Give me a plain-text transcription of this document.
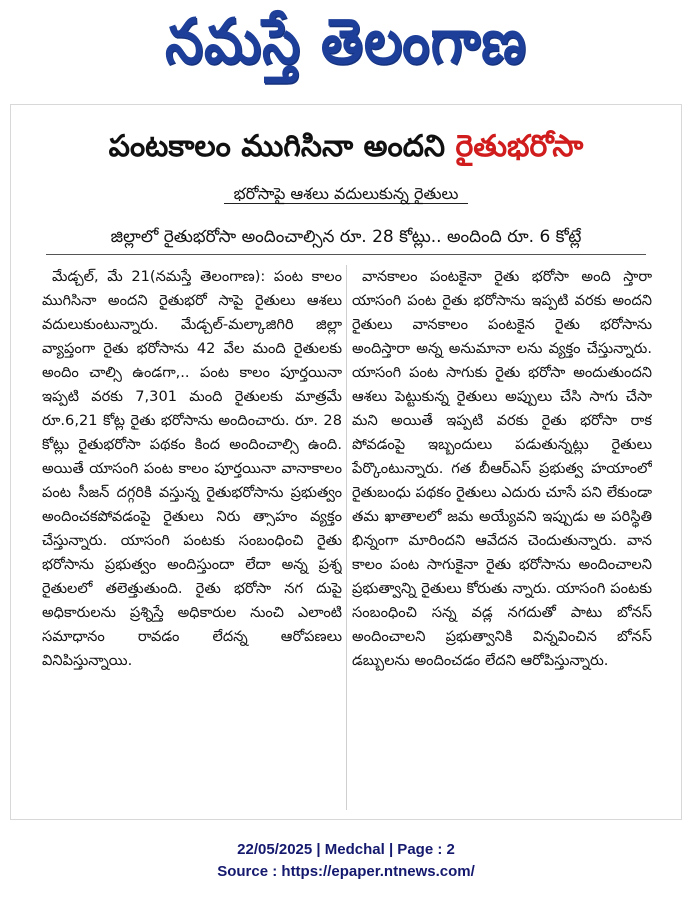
నమస్తే తెలంగాణ
పంటకాలం ముగిసినా అందని రైతుభరోసా
భరోసాపై ఆశలు వదులుకున్న రైతులు
జిల్లాలో రైతుభరోసా అందించాల్సిన రూ. 28 కోట్లు.. అందింది రూ. 6 కోట్లే

మేడ్చల్, మే 21(నమస్తే తెలంగాణ): పంట కాలం ముగిసినా అందని రైతుభరో సాపై రైతులు ఆశలు వదులుకుంటున్నారు. మేడ్చల్-మల్కాజిగిరి జిల్లా వ్యాప్తంగా రైతు భరోసాను 42 వేల మంది రైతులకు అందిం చాల్సి ఉండగా,.. పంట కాలం పూర్తయినా ఇప్పటి వరకు 7,301 మంది రైతులకు మాత్రమే రూ.6,21 కోట్ల రైతు భరోసాను అందించారు. రూ. 28 కోట్లు రైతుభరోసా పథకం కింద అందించాల్సి ఉంది. అయితే యాసంగి పంట కాలం పూర్తయినా వానాకాలం పంట సీజన్ దగ్గరికి వస్తున్న రైతుభరోసాను ప్రభుత్వం అందించకపోవడంపై రైతులు నిరు త్సాహం వ్యక్తం చేస్తున్నారు. యాసంగి పంటకు సంబంధించి రైతు భరోసాను ప్రభుత్వం అందిస్తుందా లేదా అన్న ప్రశ్న రైతులలో తలెత్తుతుంది. రైతు భరోసా నగ దుపై అధికారులను ప్రశ్నిస్తే అధికారుల నుంచి ఎలాంటి సమాధానం రావడం లేదన్న ఆరోపణలు వినిపిస్తున్నాయి.

వానకాలం పంటకైనా రైతు భరోసా అంది స్తారా యాసంగి పంట రైతు భరోసాను ఇప్పటి వరకు అందని రైతులు వానకాలం పంటకైన రైతు భరోసాను అందిస్తారా అన్న అనుమానా లను వ్యక్తం చేస్తున్నారు. యాసంగి పంట సాగుకు రైతు భరోసా అందుతుందని ఆశలు పెట్టుకున్న రైతులు అప్పులు చేసి సాగు చేసా మని అయితే ఇప్పటి వరకు రైతు భరోసా రాక పోవడంపై ఇబ్బందులు పడుతున్నట్లు రైతులు పేర్కొంటున్నారు. గత బీఆర్ఎస్ ప్రభుత్వ హయాంలో రైతుబంధు పథకం రైతులు ఎదురు చూసే పని లేకుండా తమ ఖాతాలలో జమ అయ్యేవని ఇప్పుడు అ పరిస్థితి భిన్నంగా మారిందని ఆవేదన చెందుతున్నారు. వాన కాలం పంట సాగుకైనా రైతు భరోసాను అందించాలని ప్రభుత్వాన్ని రైతులు కోరుతు న్నారు. యాసంగి పంటకు సంబంధించి సన్న వడ్ల నగదుతో పాటు బోనస్ అందించాలని ప్రభుత్వానికి విన్నవించిన బోనస్ డబ్బులను అందించడం లేదని ఆరోపిస్తున్నారు.

22/05/2025 | Medchal | Page : 2
Source : https://epaper.ntnews.com/
